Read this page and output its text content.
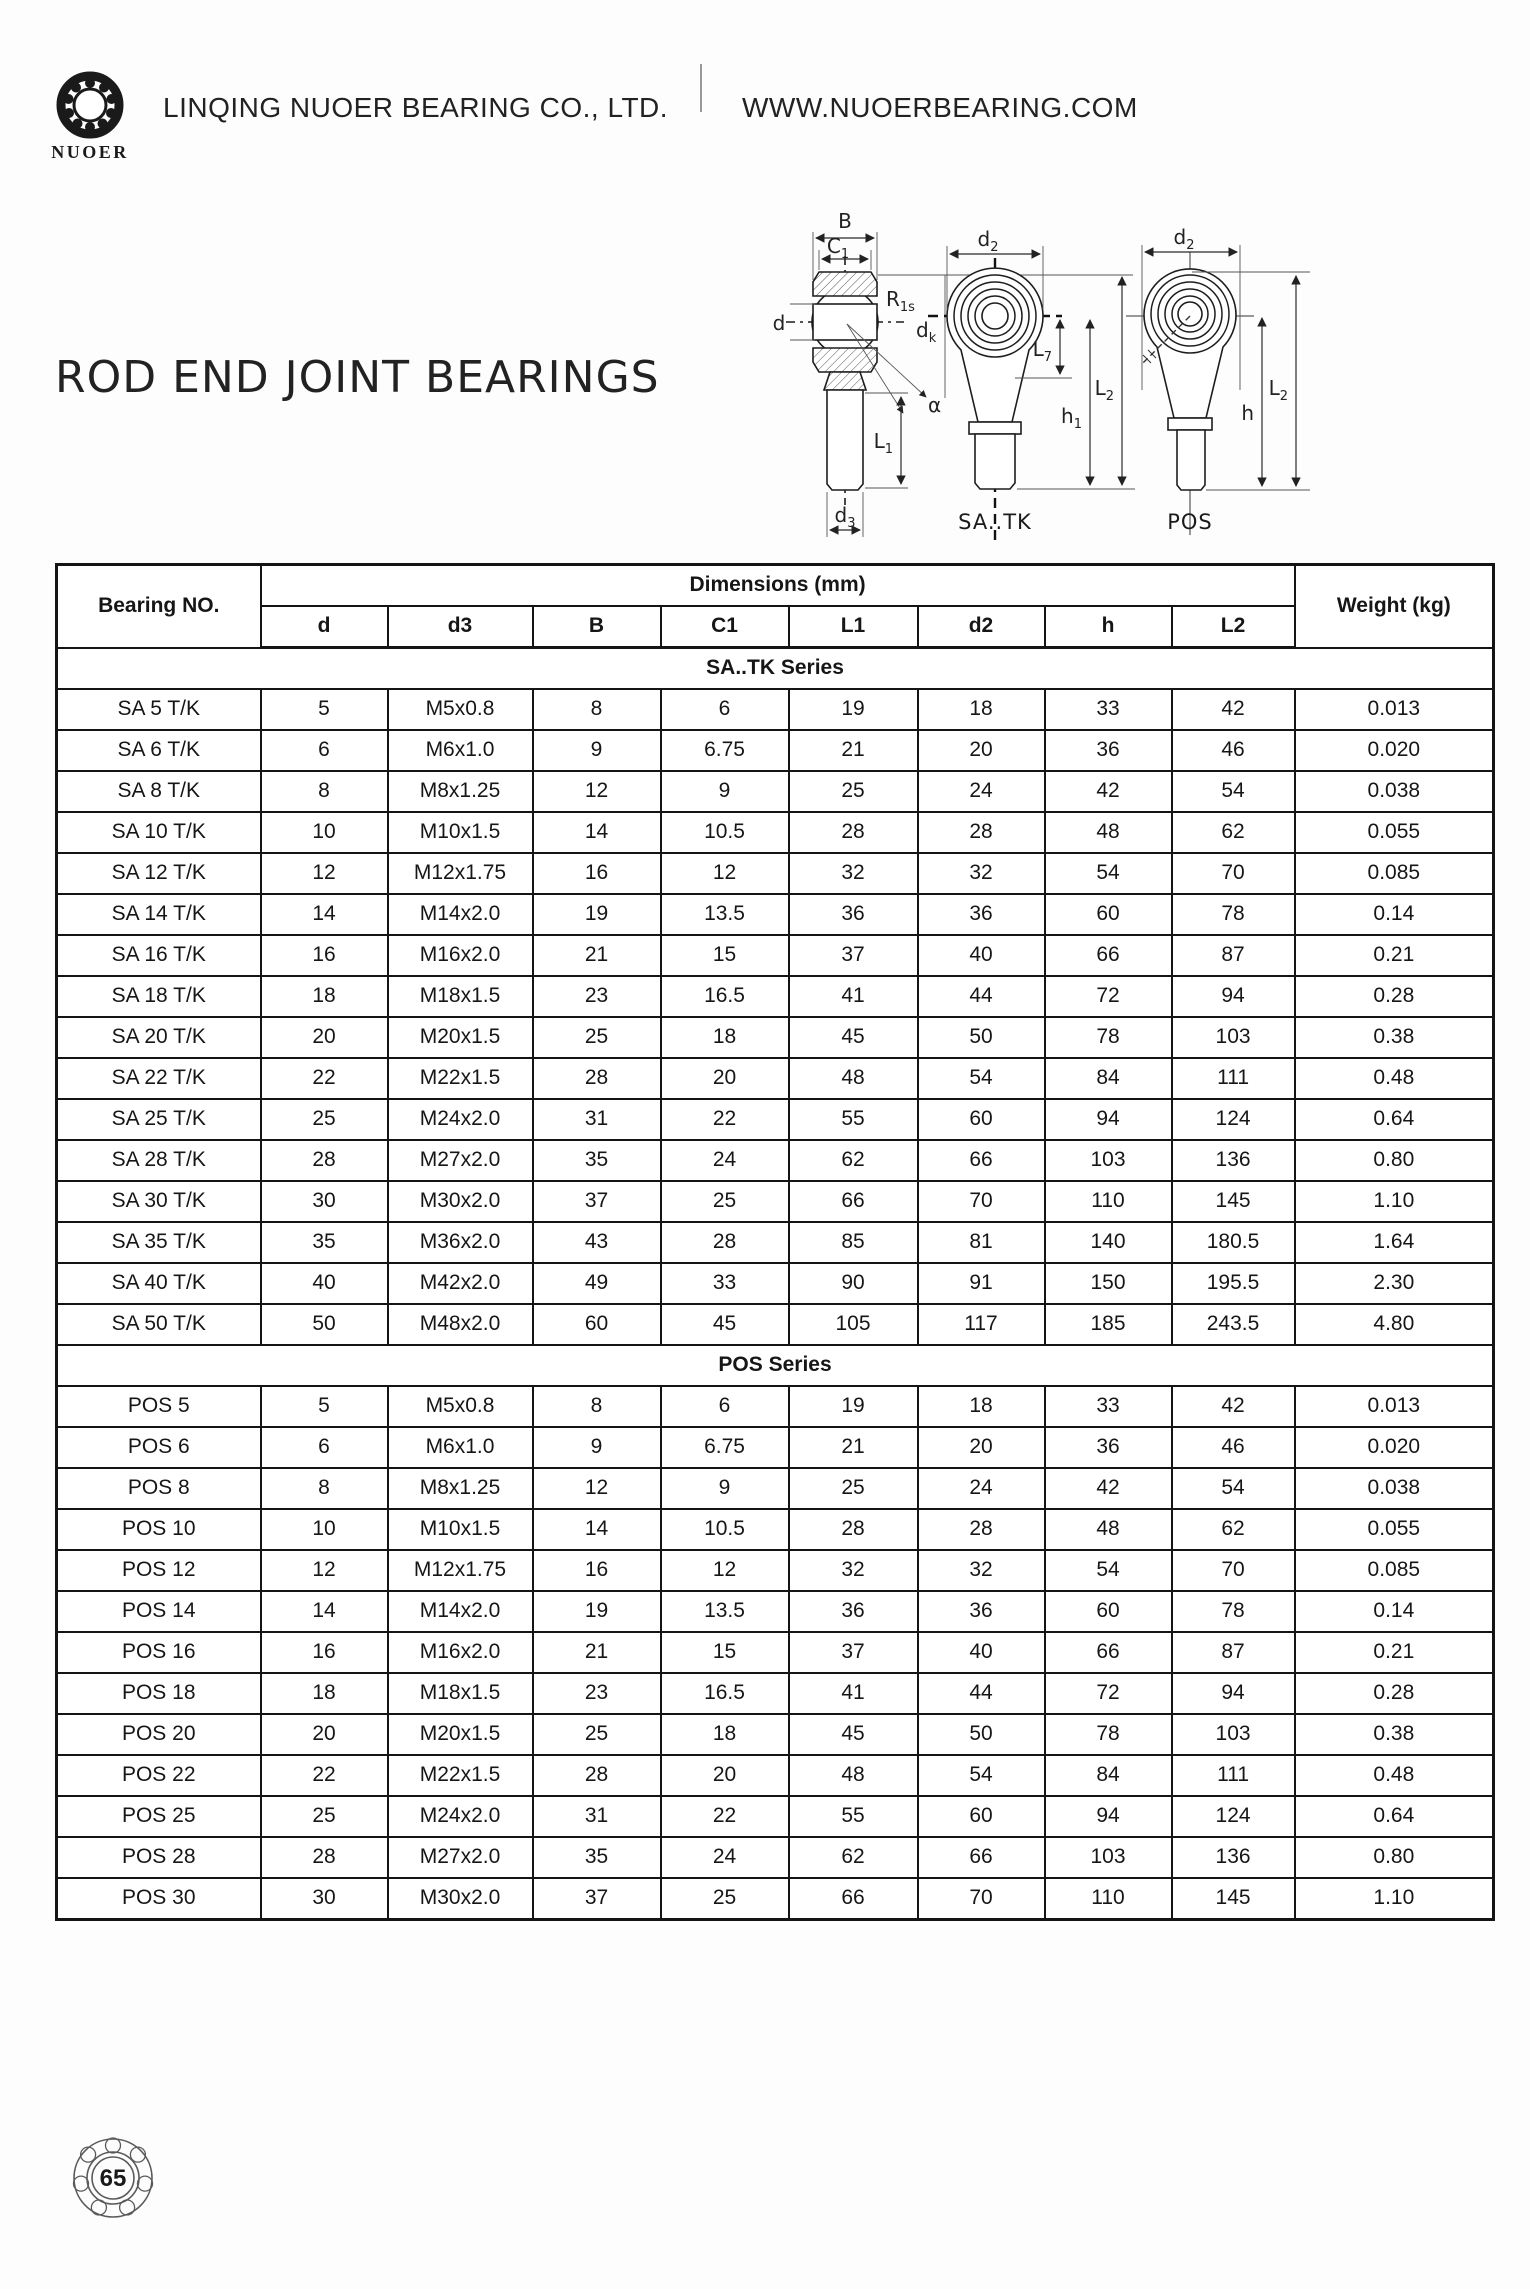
NUOER
LINQING NUOER BEARING CO., LTD.	WWW.NUOERBEARING.COM
ROD END JOINT BEARINGS
B
$C_1$
d
$R_{1s}$
$d_k$
α
$L_1$
$d_3$
$d_2$
$L_7$
$h_1$
$L_2$
SA..TK
$d_2$
h
$L_2$
POS
Bearing NO.	Dimensions (mm)								Weight (kg)
	d	d3	B	C1	L1	d2	h	L2	
SA..TK Series									
SA 5 T/K	5	M5x0.8	8	6	19	18	33	42	0.013
SA 6 T/K	6	M6x1.0	9	6.75	21	20	36	46	0.020
SA 8 T/K	8	M8x1.25	12	9	25	24	42	54	0.038
SA 10 T/K	10	M10x1.5	14	10.5	28	28	48	62	0.055
SA 12 T/K	12	M12x1.75	16	12	32	32	54	70	0.085
SA 14 T/K	14	M14x2.0	19	13.5	36	36	60	78	0.14
SA 16 T/K	16	M16x2.0	21	15	37	40	66	87	0.21
SA 18 T/K	18	M18x1.5	23	16.5	41	44	72	94	0.28
SA 20 T/K	20	M20x1.5	25	18	45	50	78	103	0.38
SA 22 T/K	22	M22x1.5	28	20	48	54	84	111	0.48
SA 25 T/K	25	M24x2.0	31	22	55	60	94	124	0.64
SA 28 T/K	28	M27x2.0	35	24	62	66	103	136	0.80
SA 30 T/K	30	M30x2.0	37	25	66	70	110	145	1.10
SA 35 T/K	35	M36x2.0	43	28	85	81	140	180.5	1.64
SA 40 T/K	40	M42x2.0	49	33	90	91	150	195.5	2.30
SA 50 T/K	50	M48x2.0	60	45	105	117	185	243.5	4.80
POS Series									
POS 5	5	M5x0.8	8	6	19	18	33	42	0.013
POS 6	6	M6x1.0	9	6.75	21	20	36	46	0.020
POS 8	8	M8x1.25	12	9	25	24	42	54	0.038
POS 10	10	M10x1.5	14	10.5	28	28	48	62	0.055
POS 12	12	M12x1.75	16	12	32	32	54	70	0.085
POS 14	14	M14x2.0	19	13.5	36	36	60	78	0.14
POS 16	16	M16x2.0	21	15	37	40	66	87	0.21
POS 18	18	M18x1.5	23	16.5	41	44	72	94	0.28
POS 20	20	M20x1.5	25	18	45	50	78	103	0.38
POS 22	22	M22x1.5	28	20	48	54	84	111	0.48
POS 25	25	M24x2.0	31	22	55	60	94	124	0.64
POS 28	28	M27x2.0	35	24	62	66	103	136	0.80
POS 30	30	M30x2.0	37	25	66	70	110	145	1.10
65
